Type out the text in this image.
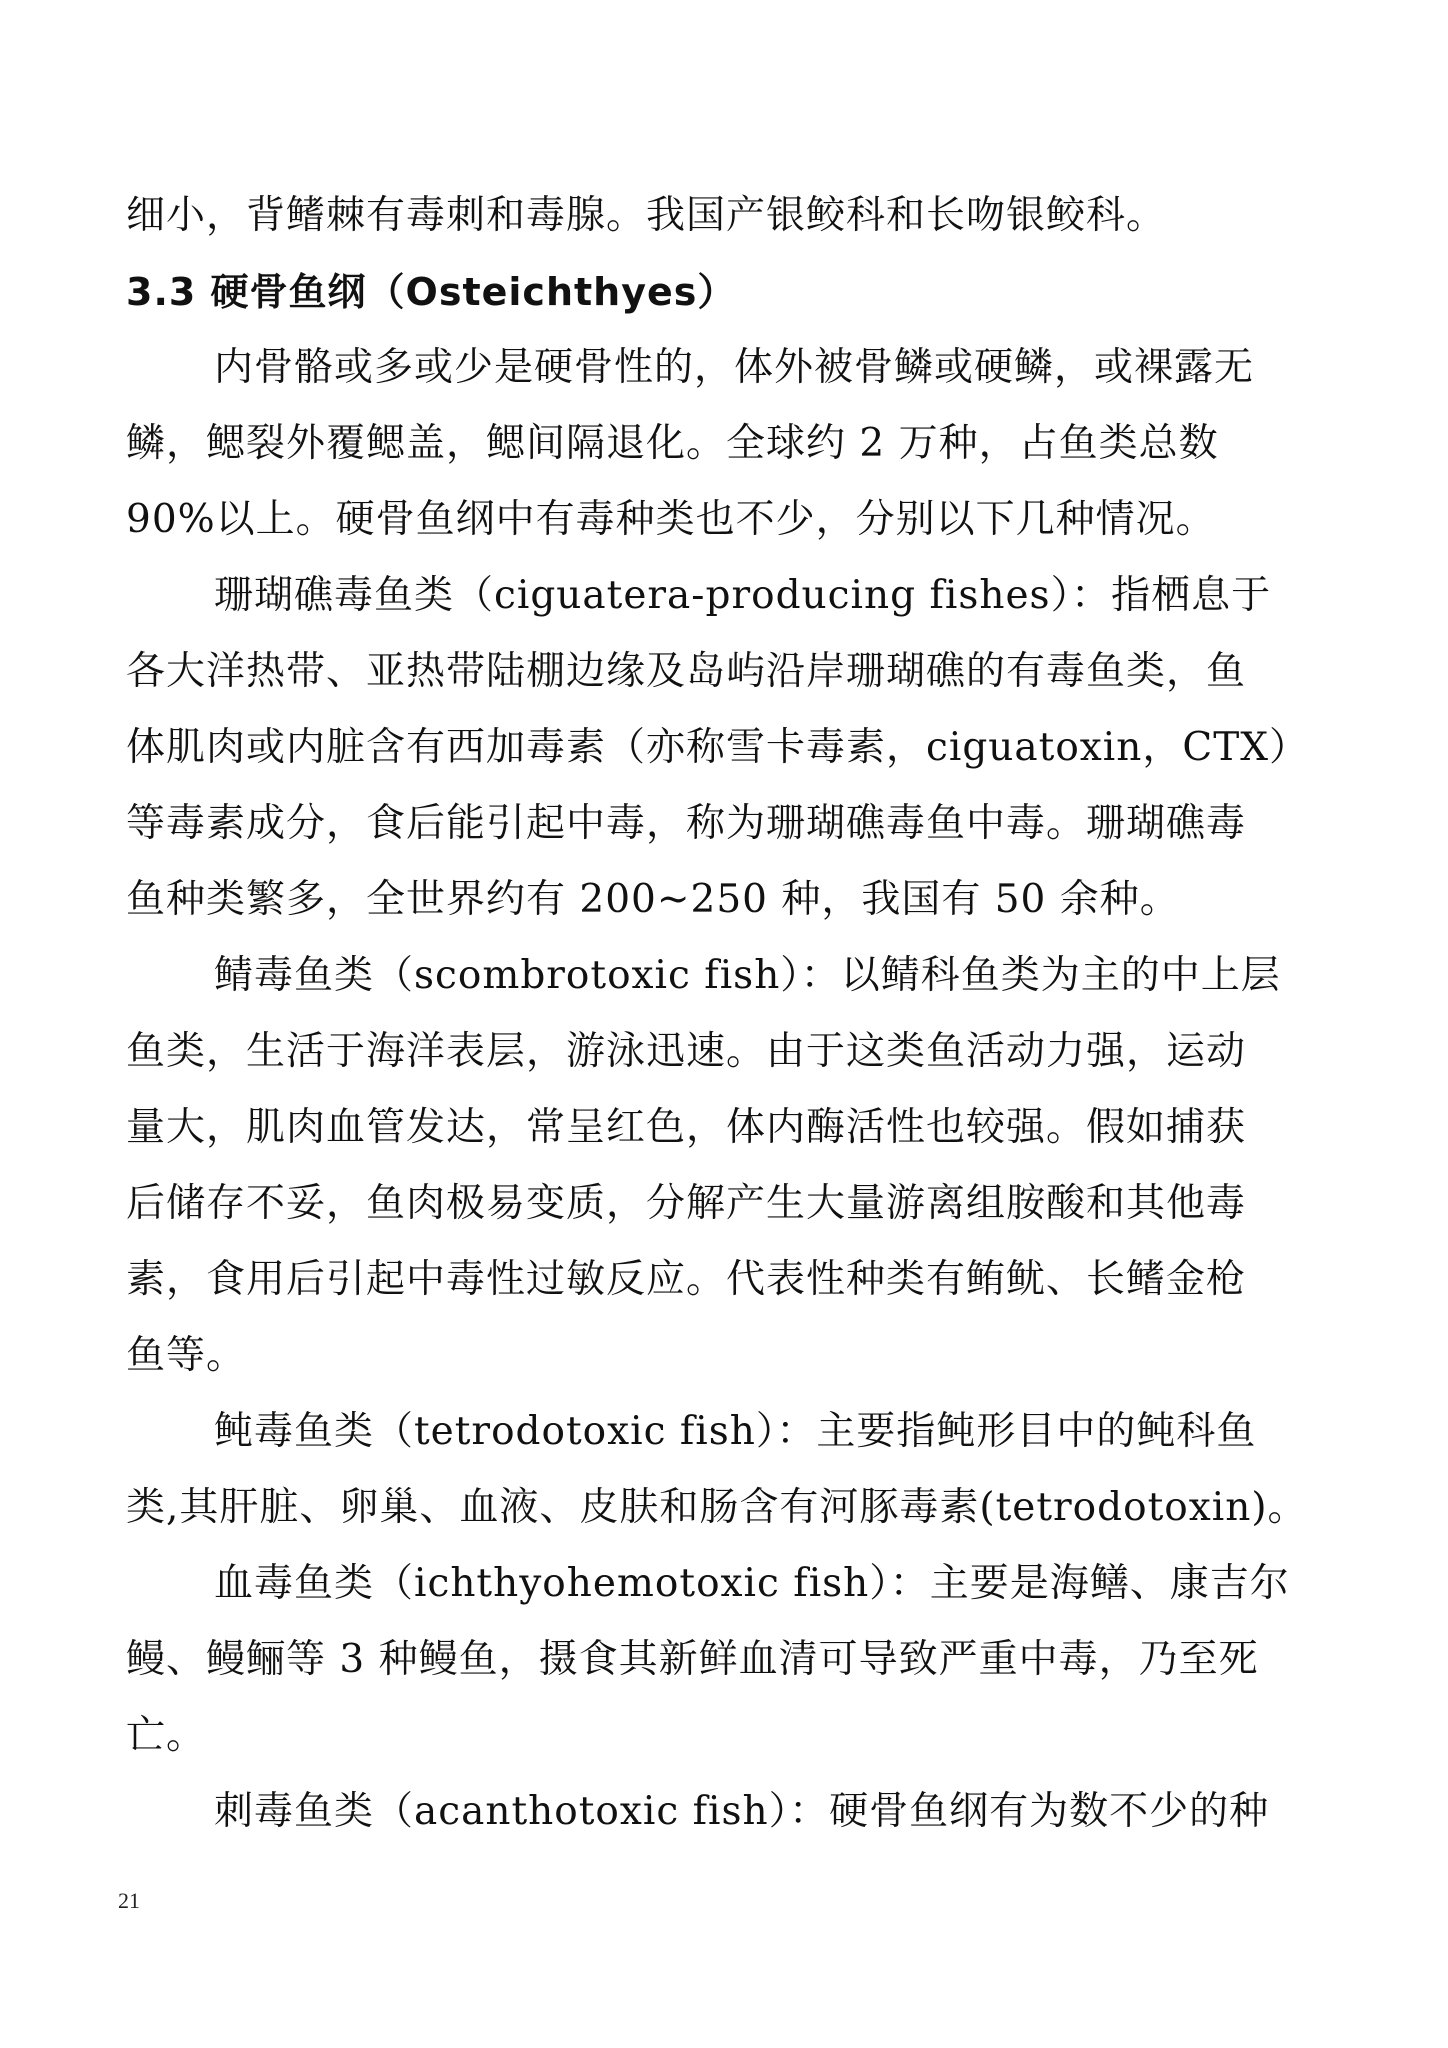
细小，背鳍棘有毒刺和毒腺。我国产银鲛科和长吻银鲛科。
3.3 硬骨鱼纲（Osteichthyes）
内骨骼或多或少是硬骨性的，体外被骨鳞或硬鳞，或裸露无
鳞，鳃裂外覆鳃盖，鳃间隔退化。全球约 2 万种，占鱼类总数
90%以上。硬骨鱼纲中有毒种类也不少，分别以下几种情况。
珊瑚礁毒鱼类（ciguatera-producing fishes）：指栖息于
各大洋热带、亚热带陆棚边缘及岛屿沿岸珊瑚礁的有毒鱼类，鱼
体肌肉或内脏含有西加毒素（亦称雪卡毒素，ciguatoxin，CTX）
等毒素成分，食后能引起中毒，称为珊瑚礁毒鱼中毒。珊瑚礁毒
鱼种类繁多，全世界约有 200~250 种，我国有 50 余种。
鲭毒鱼类（scombrotoxic fish）：以鲭科鱼类为主的中上层
鱼类，生活于海洋表层，游泳迅速。由于这类鱼活动力强，运动
量大，肌肉血管发达，常呈红色，体内酶活性也较强。假如捕获
后储存不妥，鱼肉极易变质，分解产生大量游离组胺酸和其他毒
素，食用后引起中毒性过敏反应。代表性种类有鲔鱿、长鳍金枪
鱼等。
鲀毒鱼类（tetrodotoxic fish）：主要指鲀形目中的鲀科鱼
类,其肝脏、卵巢、血液、皮肤和肠含有河豚毒素(tetrodotoxin)。
血毒鱼类（ichthyohemotoxic fish）：主要是海鳝、康吉尔
鳗、鳗鲡等 3 种鳗鱼，摄食其新鲜血清可导致严重中毒，乃至死
亡。
刺毒鱼类（acanthotoxic fish）：硬骨鱼纲有为数不少的种
21
